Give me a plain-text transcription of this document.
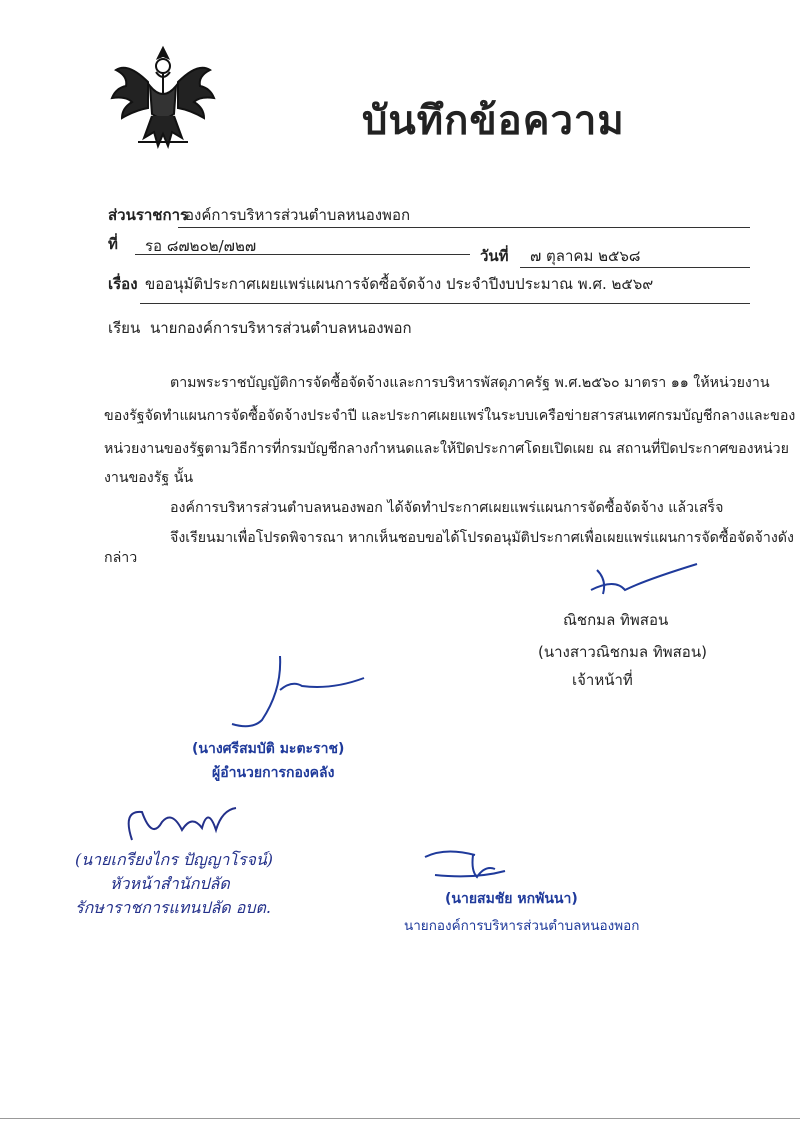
บันทึกข้อความ
ส่วนราชการ
องค์การบริหารส่วนตำบลหนองพอก
ที่ รอ ๘๗๒๐๒/๗๒๗
วันที่ ๗ ตุลาคม ๒๕๖๘
เรื่อง ขออนุมัติประกาศเผยแพร่แผนการจัดซื้อจัดจ้าง ประจำปีงบประมาณ พ.ศ. ๒๕๖๙
เรียน นายกองค์การบริหารส่วนตำบลหนองพอก
ตามพระราชบัญญัติการจัดซื้อจัดจ้างและการบริหารพัสดุภาครัฐ พ.ศ.๒๕๖๐ มาตรา ๑๑ ให้หน่วยงาน
ของรัฐจัดทำแผนการจัดซื้อจัดจ้างประจำปี และประกาศเผยแพร่ในระบบเครือข่ายสารสนเทศกรมบัญชีกลางและของ
หน่วยงานของรัฐตามวิธีการที่กรมบัญชีกลางกำหนดและให้ปิดประกาศโดยเปิดเผย ณ สถานที่ปิดประกาศของหน่วย
งานของรัฐ นั้น
องค์การบริหารส่วนตำบลหนองพอก ได้จัดทำประกาศเผยแพร่แผนการจัดซื้อจัดจ้าง แล้วเสร็จ
จึงเรียนมาเพื่อโปรดพิจารณา หากเห็นชอบขอได้โปรดอนุมัติประกาศเพื่อเผยแพร่แผนการจัดซื้อจัดจ้างดัง
กล่าว
ณิชกมล ทิพสอน
(นางสาวณิชกมล ทิพสอน)
เจ้าหน้าที่
(นางศรีสมบัติ มะตะราช)
ผู้อำนวยการกองคลัง
(นายเกรียงไกร ปัญญาโรจน์)
หัวหน้าสำนักปลัด
รักษาราชการแทนปลัด อบต.	(นายสมชัย หกพันนา)
นายกองค์การบริหารส่วนตำบลหนองพอก
